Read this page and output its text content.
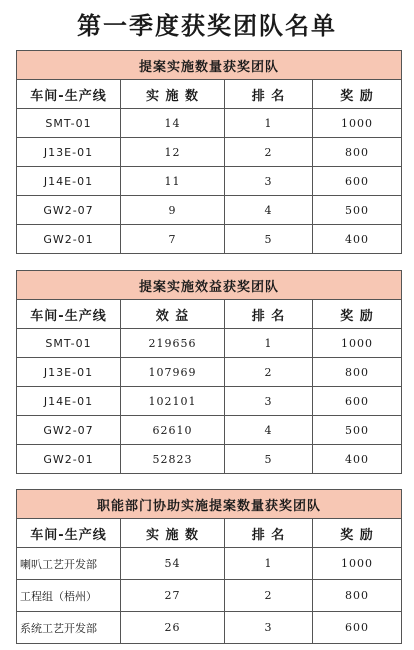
第一季度获奖团队名单
提案实施数量获奖团队			
车间-生产线	实 施 数	排 名	奖 励
SMT-01	14	1	1000
J13E-01	12	2	800
J14E-01	11	3	600
GW2-07	9	4	500
GW2-01	7	5	400
提案实施效益获奖团队			
车间-生产线	效 益	排 名	奖 励
SMT-01	219656	1	1000
J13E-01	107969	2	800
J14E-01	102101	3	600
GW2-07	62610	4	500
GW2-01	52823	5	400
职能部门协助实施提案数量获奖团队			
车间-生产线	实 施 数	排 名	奖 励
喇叭工艺开发部	54	1	1000
工程组（梧州）	27	2	800
系统工艺开发部	26	3	600
